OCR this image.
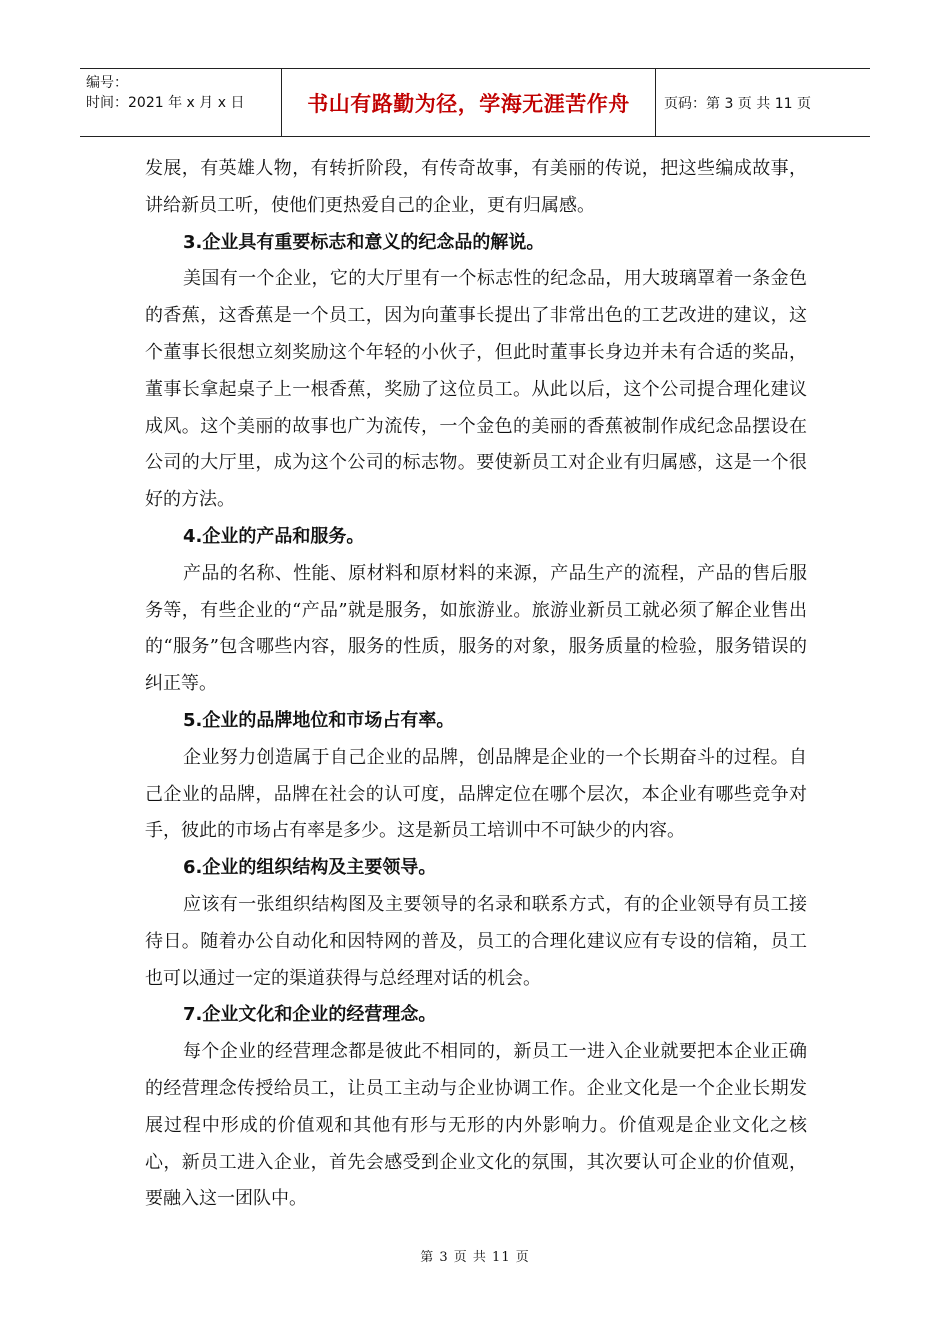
编号：
时间：2021 年 x 月 x 日	书山有路勤为径，学海无涯苦作舟 页码：第 3 页 共 11 页

发展，有英雄人物，有转折阶段，有传奇故事，有美丽的传说，把这些编成故事，讲给新员工听，使他们更热爱自己的企业，更有归属感。

3.企业具有重要标志和意义的纪念品的解说。

美国有一个企业，它的大厅里有一个标志性的纪念品，用大玻璃罩着一条金色的香蕉，这香蕉是一个员工，因为向董事长提出了非常出色的工艺改进的建议，这个董事长很想立刻奖励这个年轻的小伙子，但此时董事长身边并未有合适的奖品，董事长拿起桌子上一根香蕉，奖励了这位员工。从此以后，这个公司提合理化建议成风。这个美丽的故事也广为流传，一个金色的美丽的香蕉被制作成纪念品摆设在公司的大厅里，成为这个公司的标志物。要使新员工对企业有归属感，这是一个很好的方法。

4.企业的产品和服务。

产品的名称、性能、原材料和原材料的来源，产品生产的流程，产品的售后服务等，有些企业的“产品”就是服务，如旅游业。旅游业新员工就必须了解企业售出的“服务”包含哪些内容，服务的性质，服务的对象，服务质量的检验，服务错误的纠正等。

5.企业的品牌地位和市场占有率。

企业努力创造属于自己企业的品牌，创品牌是企业的一个长期奋斗的过程。自己企业的品牌，品牌在社会的认可度，品牌定位在哪个层次，本企业有哪些竞争对手，彼此的市场占有率是多少。这是新员工培训中不可缺少的内容。

6.企业的组织结构及主要领导。

应该有一张组织结构图及主要领导的名录和联系方式，有的企业领导有员工接待日。随着办公自动化和因特网的普及，员工的合理化建议应有专设的信箱，员工也可以通过一定的渠道获得与总经理对话的机会。

7.企业文化和企业的经营理念。

每个企业的经营理念都是彼此不相同的，新员工一进入企业就要把本企业正确的经营理念传授给员工，让员工主动与企业协调工作。企业文化是一个企业长期发展过程中形成的价值观和其他有形与无形的内外影响力。价值观是企业文化之核心，新员工进入企业，首先会感受到企业文化的氛围，其次要认可企业的价值观，要融入这一团队中。

第 3 页 共 11 页
